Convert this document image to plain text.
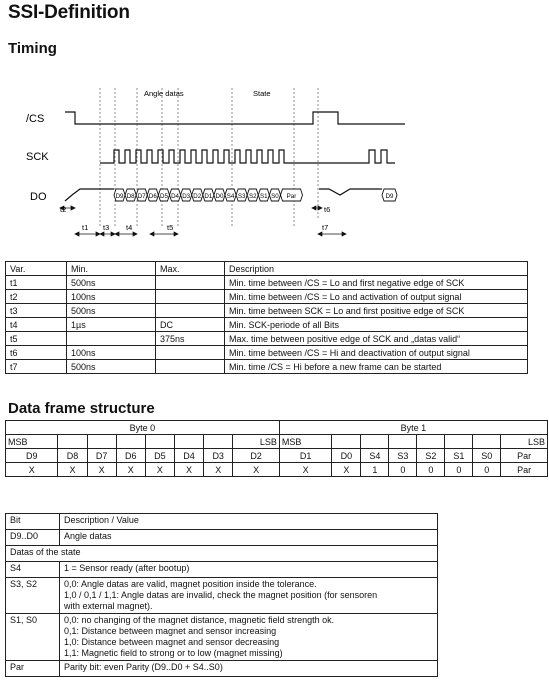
SSI-Definition
Timing
D9 D8 D7 D6 D5 D4 D3 D2 D1 D0 S4 S3 S2 S1 S0 Par	D9
Angle datas	State
/CS
SCK
DO
t1
t2
t3 t4	t5
t6
t7
Var.	Min.	Max.	Description
t1	500ns		Min. time between /CS = Lo and first negative edge of SCK
t2	100ns		Min. time between /CS = Lo and activation of output signal
t3	500ns		Min. time between SCK = Lo and first positive edge of SCK
t4	1µs	DC	Min. SCK-periode of all Bits
t5		375ns	Max. time between positive edge of SCK and „datas valid“
t6	100ns		Min. time between /CS = Hi and deactivation of output signal
t7	500ns		Min. time /CS = Hi before a new frame can be started
Data frame structure
Byte 0								Byte 1							
MSB							LSB	MSB							LSB
D9	D8	D7	D6	D5	D4	D3	D2	D1	D0	S4	S3	S2	S1	S0	Par
X	X	X	X	X	X	X	X	X	X	1	0	0	0	0	Par
Bit	Description / Value
D9..D0	Angle datas
Datas of the state	
S4	1 = Sensor ready (after bootup)
S3, S2	0,0: Angle datas are valid, magnet position inside the tolerance.
1,0 / 0,1 / 1,1: Angle datas are invalid, check the magnet position (for sensoren
with external magnet).

S1, S0	0,0: no changing of the magnet distance, magnetic field strength ok.
0,1: Distance between magnet and sensor increasing
1,0: Distance between magnet and sensor decreasing
1,1: Magnetic field to strong or to low (magnet missing)

Par	Parity bit: even Parity (D9..D0 + S4..S0)
